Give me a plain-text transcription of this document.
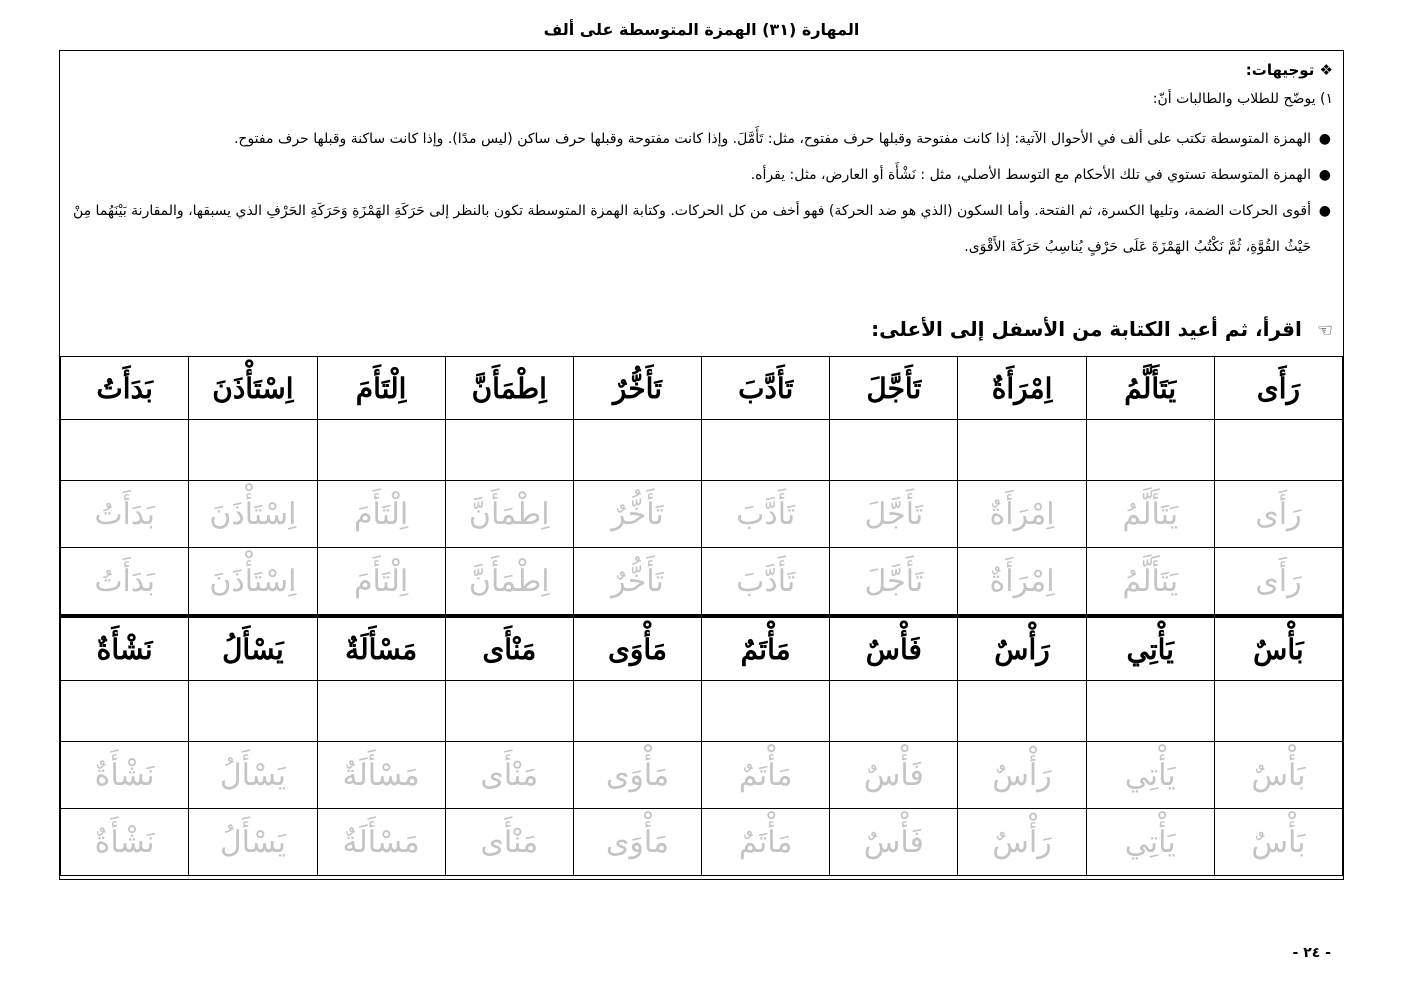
المهارة (٣١) الهمزة المتوسطة على ألف
❖ توجيهات:
١) يوضّح للطلاب والطالبات أنّ:
●
الهمزة المتوسطة تكتب على ألف في الأحوال الآتية: إذا كانت مفتوحة وقبلها حرف مفتوح، مثل: تَأَمَّلَ. وإذا كانت مفتوحة وقبلها حرف ساكن (ليس مدًا). وإذا كانت ساكنة وقبلها حرف مفتوح.
●
الهمزة المتوسطة تستوي في تلك الأحكام مع التوسط الأصلي، مثل : نَشْأَة أو العارض، مثل: يقرأه.
●
أقوى الحركات الضمة، وتليها الكسرة، ثم الفتحة. وأما السكون (الذي هو ضد الحركة) فهو أخف من كل الحركات. وكتابة الهمزة المتوسطة تكون بالنظر إلى حَرَكَةِ الهَمْزَةِ وَحَرَكَةِ الحَرْفِ الذي يسبقها، والمقارنة بَيْنَهُما مِنْ حَيْثُ القُوَّةِ، ثُمَّ نَكْتُبُ الهَمْزَةَ عَلَى حَرْفٍ يُناسِبُ حَرَكَةَ الأَقْوَى.
☜ اقرأ، ثم أعيد الكتابة من الأسفل إلى الأعلى:
رَأَى	يَتَأَلَّمُ	اِمْرَأَةٌ	تَأَجَّلَ	تَأَدَّبَ	تَأَخُّرٌ	اِطْمَأَنَّ	اِلْتَأَمَ	اِسْتَأْذَنَ	بَدَأَتُ

رَأَى	يَتَأَلَّمُ	اِمْرَأَةٌ	تَأَجَّلَ	تَأَدَّبَ	تَأَخُّرٌ	اِطْمَأَنَّ	اِلْتَأَمَ	اِسْتَأْذَنَ	بَدَأَتُ
رَأَى	يَتَأَلَّمُ	اِمْرَأَةٌ	تَأَجَّلَ	تَأَدَّبَ	تَأَخُّرٌ	اِطْمَأَنَّ	اِلْتَأَمَ	اِسْتَأْذَنَ	بَدَأَتُ
بَأْسٌ	يَأْتِي	رَأْسٌ	فَأْسٌ	مَأْتَمٌ	مَأْوَى	مَنْأَى	مَسْأَلَةٌ	يَسْأَلُ	نَشْأَةٌ

بَأْسٌ	يَأْتِي	رَأْسٌ	فَأْسٌ	مَأْتَمٌ	مَأْوَى	مَنْأَى	مَسْأَلَةٌ	يَسْأَلُ	نَشْأَةٌ
بَأْسٌ	يَأْتِي	رَأْسٌ	فَأْسٌ	مَأْتَمٌ	مَأْوَى	مَنْأَى	مَسْأَلَةٌ	يَسْأَلُ	نَشْأَةٌ
- ٢٤ -
